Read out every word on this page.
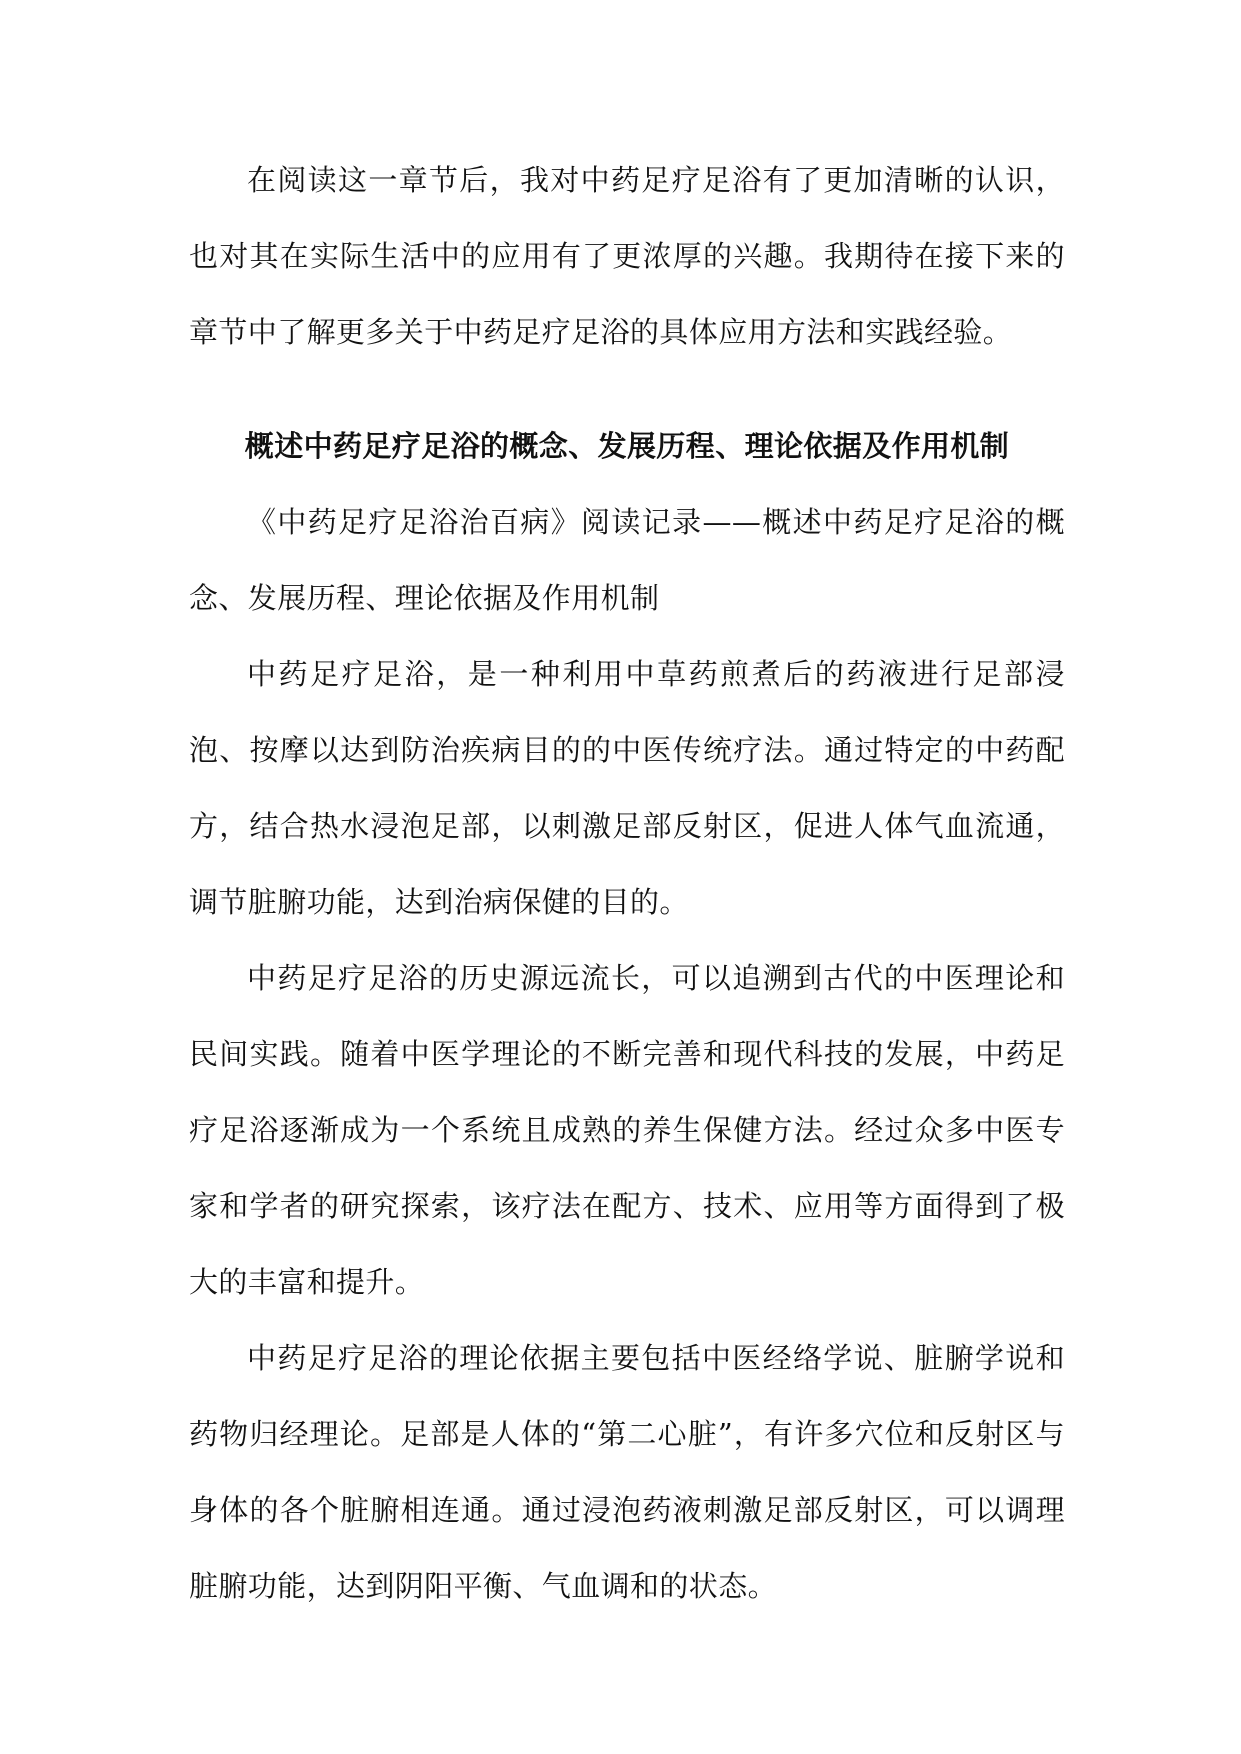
在阅读这一章节后，我对中药足疗足浴有了更加清晰的认识，也对其在实际生活中的应用有了更浓厚的兴趣。我期待在接下来的章节中了解更多关于中药足疗足浴的具体应用方法和实践经验。

概述中药足疗足浴的概念、发展历程、理论依据及作用机制

《中药足疗足浴治百病》阅读记录——概述中药足疗足浴的概念、发展历程、理论依据及作用机制

中药足疗足浴，是一种利用中草药煎煮后的药液进行足部浸泡、按摩以达到防治疾病目的的中医传统疗法。通过特定的中药配方，结合热水浸泡足部，以刺激足部反射区，促进人体气血流通，调节脏腑功能，达到治病保健的目的。

中药足疗足浴的历史源远流长，可以追溯到古代的中医理论和民间实践。随着中医学理论的不断完善和现代科技的发展，中药足疗足浴逐渐成为一个系统且成熟的养生保健方法。经过众多中医专家和学者的研究探索，该疗法在配方、技术、应用等方面得到了极大的丰富和提升。

中药足疗足浴的理论依据主要包括中医经络学说、脏腑学说和药物归经理论。足部是人体的“第二心脏”，有许多穴位和反射区与身体的各个脏腑相连通。通过浸泡药液刺激足部反射区，可以调理脏腑功能，达到阴阳平衡、气血调和的状态。
